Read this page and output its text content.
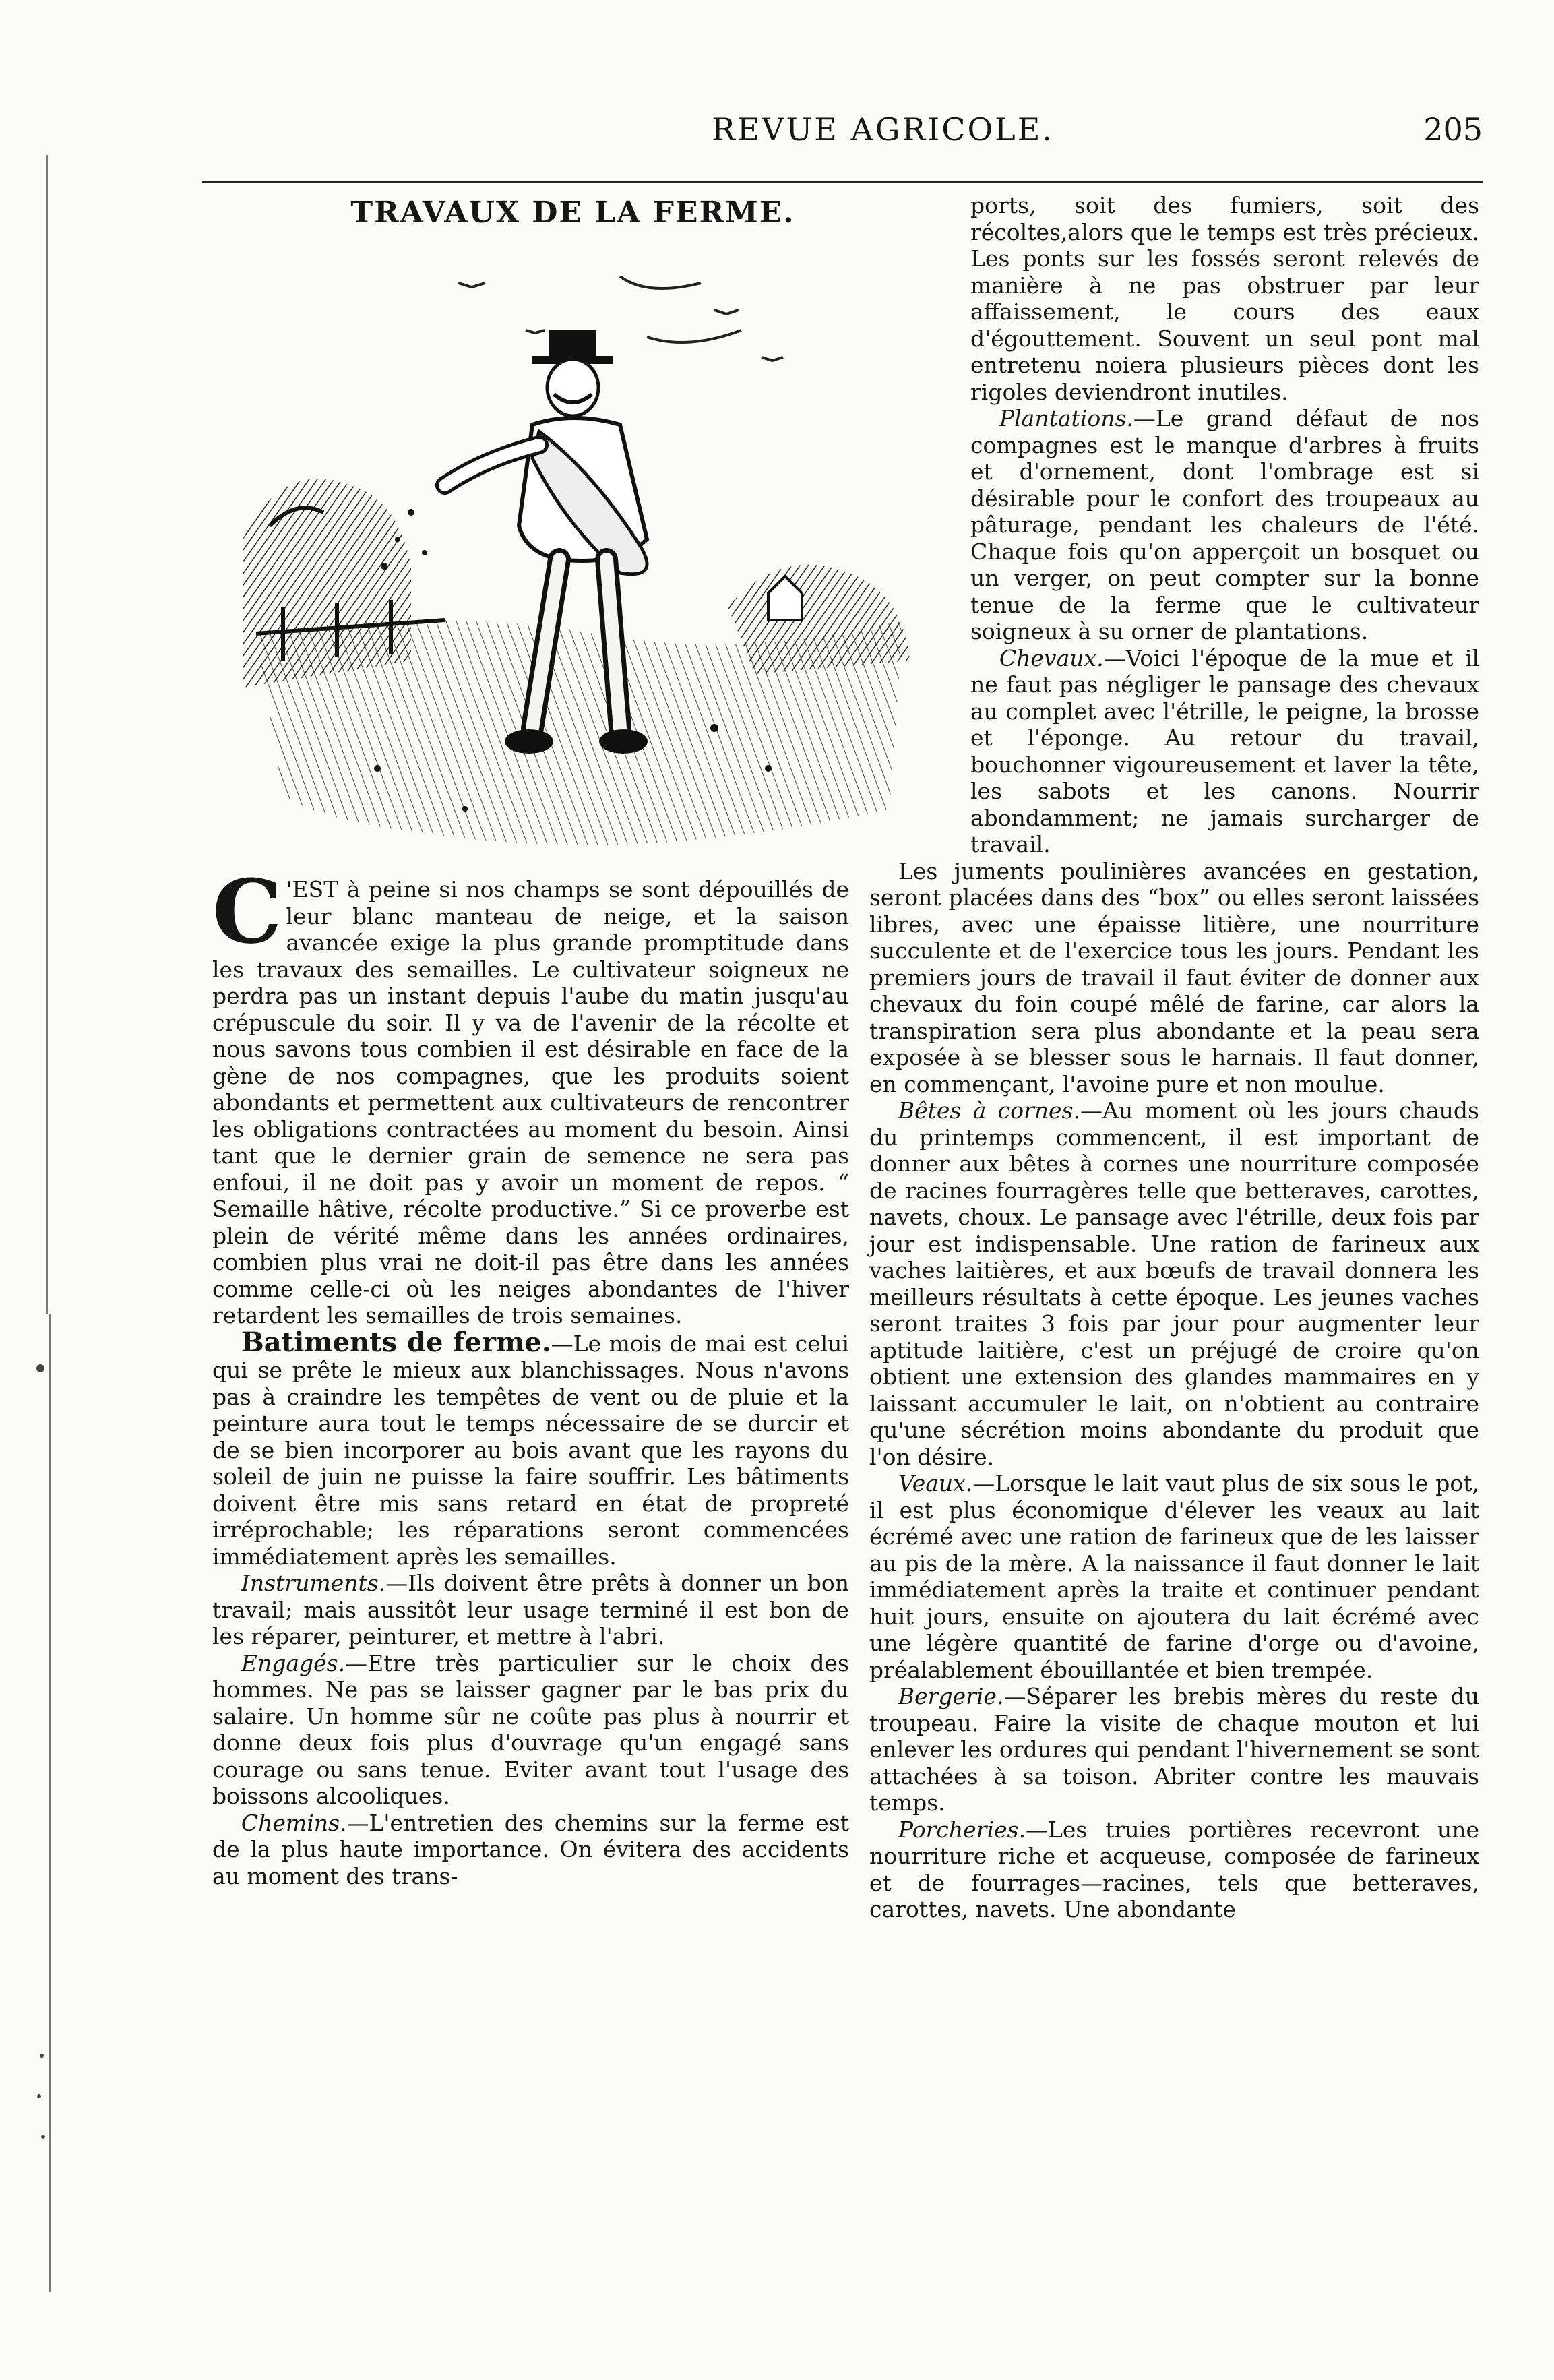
REVUE AGRICOLE.	205
TRAVAUX DE LA FERME.

C 'EST à peine si nos champs se sont dépouillés de leur blanc manteau de neige, et la saison avancée exige la plus grande promptitude dans les travaux des semailles. Le cultivateur soigneux ne perdra pas un instant depuis l'aube du matin jusqu'au crépuscule du soir. Il y va de l'avenir de la récolte et nous savons tous combien il est désirable en face de la gène de nos compagnes, que les produits soient abondants et permettent aux cultivateurs de rencontrer les obligations contractées au moment du besoin. Ainsi tant que le dernier grain de semence ne sera pas enfoui, il ne doit pas y avoir un moment de repos. “ Semaille hâtive, récolte productive.” Si ce proverbe est plein de vérité même dans les années ordinaires, combien plus vrai ne doit-il pas être dans les années comme celle-ci où les neiges abondantes de l'hiver retardent les semailles de trois semaines.

Batiments de ferme.—Le mois de mai est celui qui se prête le mieux aux blanchissages. Nous n'avons pas à craindre les tempêtes de vent ou de pluie et la peinture aura tout le temps nécessaire de se durcir et de se bien incorporer au bois avant que les rayons du soleil de juin ne puisse la faire souffrir. Les bâtiments doivent être mis sans retard en état de propreté irréprochable; les réparations seront commencées immédiatement après les semailles.

Instruments.—Ils doivent être prêts à donner un bon travail; mais aussitôt leur usage terminé il est bon de les réparer, peinturer, et mettre à l'abri.

Engagés.—Etre très particulier sur le choix des hommes. Ne pas se laisser gagner par le bas prix du salaire. Un homme sûr ne coûte pas plus à nourrir et donne deux fois plus d'ouvrage qu'un engagé sans courage ou sans tenue. Eviter avant tout l'usage des boissons alcooliques.

Chemins.—L'entretien des chemins sur la ferme est de la plus haute importance. On évitera des accidents au moment des trans-

ports, soit des fumiers, soit des récoltes,alors que le temps est très précieux. Les ponts sur les fossés seront relevés de manière à ne pas obstruer par leur affaissement, le cours des eaux d'égouttement. Souvent un seul pont mal entretenu noiera plusieurs pièces dont les rigoles deviendront inutiles.

Plantations.—Le grand défaut de nos compagnes est le manque d'arbres à fruits et d'ornement, dont l'ombrage est si désirable pour le confort des troupeaux au pâturage, pendant les chaleurs de l'été. Chaque fois qu'on apperçoit un bosquet ou un verger, on peut compter sur la bonne tenue de la ferme que le cultivateur soigneux à su orner de plantations.

Chevaux.—Voici l'époque de la mue et il ne faut pas négliger le pansage des chevaux au complet avec l'étrille, le peigne, la brosse et l'éponge. Au retour du travail, bouchonner vigoureusement et laver la tête, les sabots et les canons. Nourrir abondamment; ne jamais surcharger de travail.

Les juments poulinières avancées en gestation, seront placées dans des “box” ou elles seront laissées libres, avec une épaisse litière, une nourriture succulente et de l'exercice tous les jours. Pendant les premiers jours de travail il faut éviter de donner aux chevaux du foin coupé mêlé de farine, car alors la transpiration sera plus abondante et la peau sera exposée à se blesser sous le harnais. Il faut donner, en commençant, l'avoine pure et non moulue.

Bêtes à cornes.—Au moment où les jours chauds du printemps commencent, il est important de donner aux bêtes à cornes une nourriture composée de racines fourragères telle que betteraves, carottes, navets, choux. Le pansage avec l'étrille, deux fois par jour est indispensable. Une ration de farineux aux vaches laitières, et aux bœufs de travail donnera les meilleurs résultats à cette époque. Les jeunes vaches seront traites 3 fois par jour pour augmenter leur aptitude laitière, c'est un préjugé de croire qu'on obtient une extension des glandes mammaires en y laissant accumuler le lait, on n'obtient au contraire qu'une sécrétion moins abondante du produit que l'on désire.

Veaux.—Lorsque le lait vaut plus de six sous le pot, il est plus économique d'élever les veaux au lait écrémé avec une ration de farineux que de les laisser au pis de la mère. A la naissance il faut donner le lait immédiatement après la traite et continuer pendant huit jours, ensuite on ajoutera du lait écrémé avec une légère quantité de farine d'orge ou d'avoine, préalablement ébouillantée et bien trempée.

Bergerie.—Séparer les brebis mères du reste du troupeau. Faire la visite de chaque mouton et lui enlever les ordures qui pendant l'hivernement se sont attachées à sa toison. Abriter contre les mauvais temps.

Porcheries.—Les truies portières recevront une nourriture riche et acqueuse, composée de farineux et de fourrages—racines, tels que betteraves, carottes, navets. Une abondante
